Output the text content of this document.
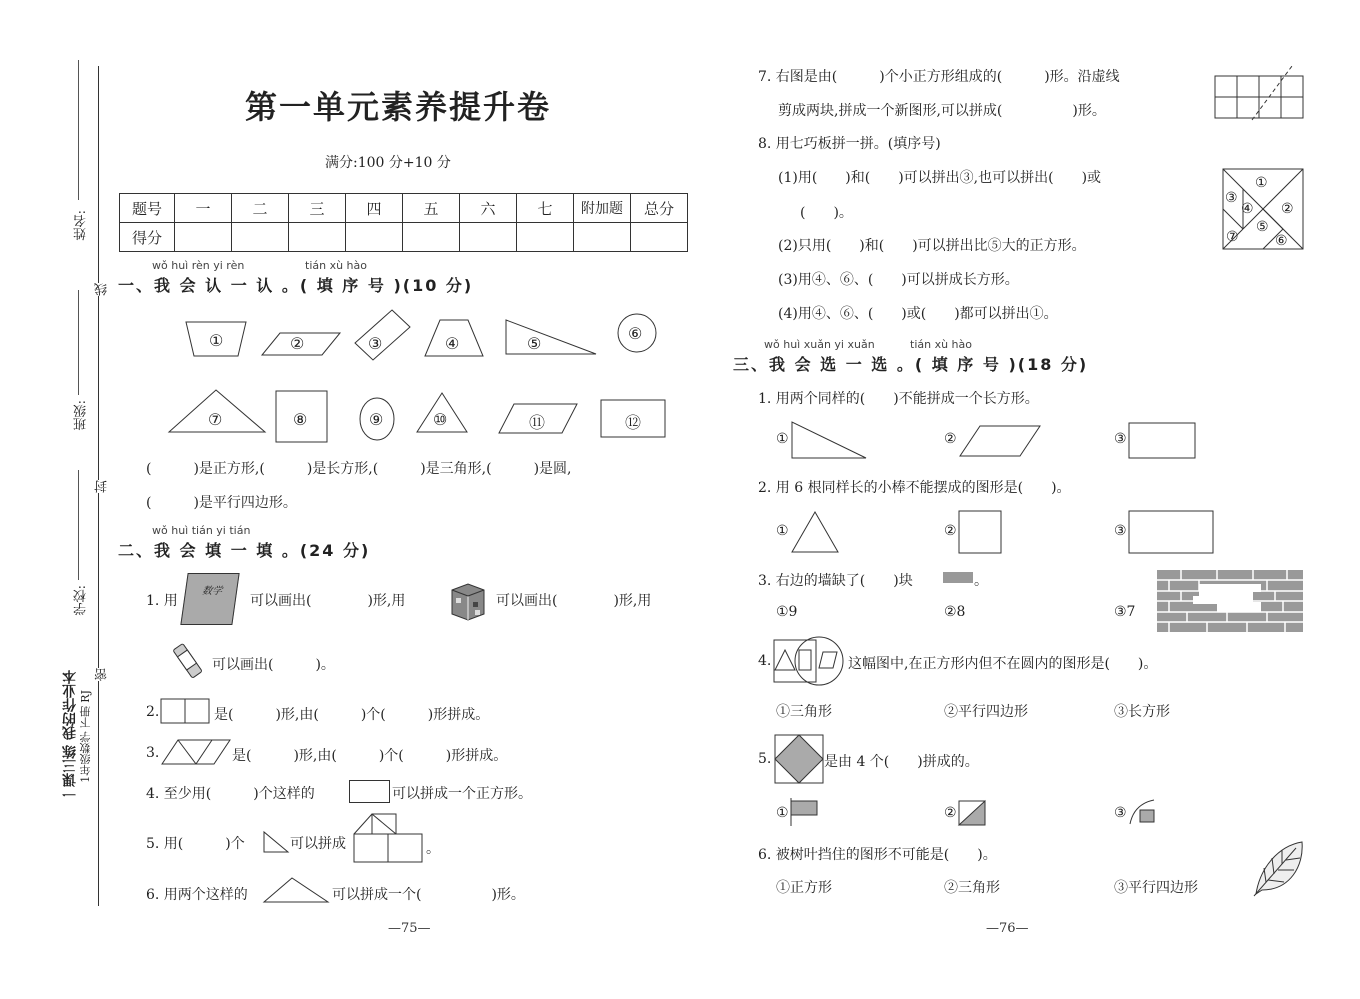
姓名:
班级:
学校:
线
封
密
一课三练 我的作业本 1年级数学 下册 RJ
第一单元素养提升卷
满分:100 分+10 分
题号	一	二	三	四	五	六	七	附加题	总分
得分									
wǒ huì rèn yi rèn	tián xù hào
一、我 会 认 一 认 。( 填 序 号 )(10 分)
①	②	③	④	⑤
⑥
⑦	⑧	⑨	⑩	⑪	⑫
(　　　)是正方形,(　　　)是长方形,(　　　)是三角形,(　　　)是圆,
(　　　)是平行四边形。
wǒ huì tián yi tián
二、我 会 填 一 填 。(24 分)
1. 用
数学
可以画出(　　　　)形,用	可以画出(　　　　)形,用
可以画出(　　　)。
2.	是(　　　)形,由(　　　)个(　　　)形拼成。
3.	是(　　　)形,由(　　　)个(　　　)形拼成。
4. 至少用(　　　)个这样的	可以拼成一个正方形。
5. 用(　　　)个	可以拼成	。
6. 用两个这样的	可以拼成一个(　　　　　)形。
—75—
7. 右图是由(　　　)个小正方形组成的(　　　)形。沿虚线
剪成两块,拼成一个新图形,可以拼成(　　　　　)形。
8. 用七巧板拼一拼。(填序号)
(1)用(　　)和(　　)可以拼出③,也可以拼出(　　)或
(　　)。
(2)只用(　　)和(　　)可以拼出比⑤大的正方形。
(3)用④、⑥、(　　)可以拼成长方形。
(4)用④、⑥、(　　)或(　　)都可以拼出①。
①
②
③
④
⑤
⑥
⑦
wǒ huì xuǎn yi xuǎn	tián xù hào
三、我 会 选 一 选 。( 填 序 号 )(18 分)
1. 用两个同样的(　　)不能拼成一个长方形。
①	②	③
2. 用 6 根同样长的小棒不能摆成的图形是(　　)。
①	②	③
3. 右边的墙缺了(　　)块	。
①9	②8	③7
4.	这幅图中,在正方形内但不在圆内的图形是(　　)。
①三角形	②平行四边形	③长方形
5.	是由 4 个(　　)拼成的。
①	②	③
6. 被树叶挡住的图形不可能是(　　)。
①正方形	②三角形	③平行四边形
—76—
